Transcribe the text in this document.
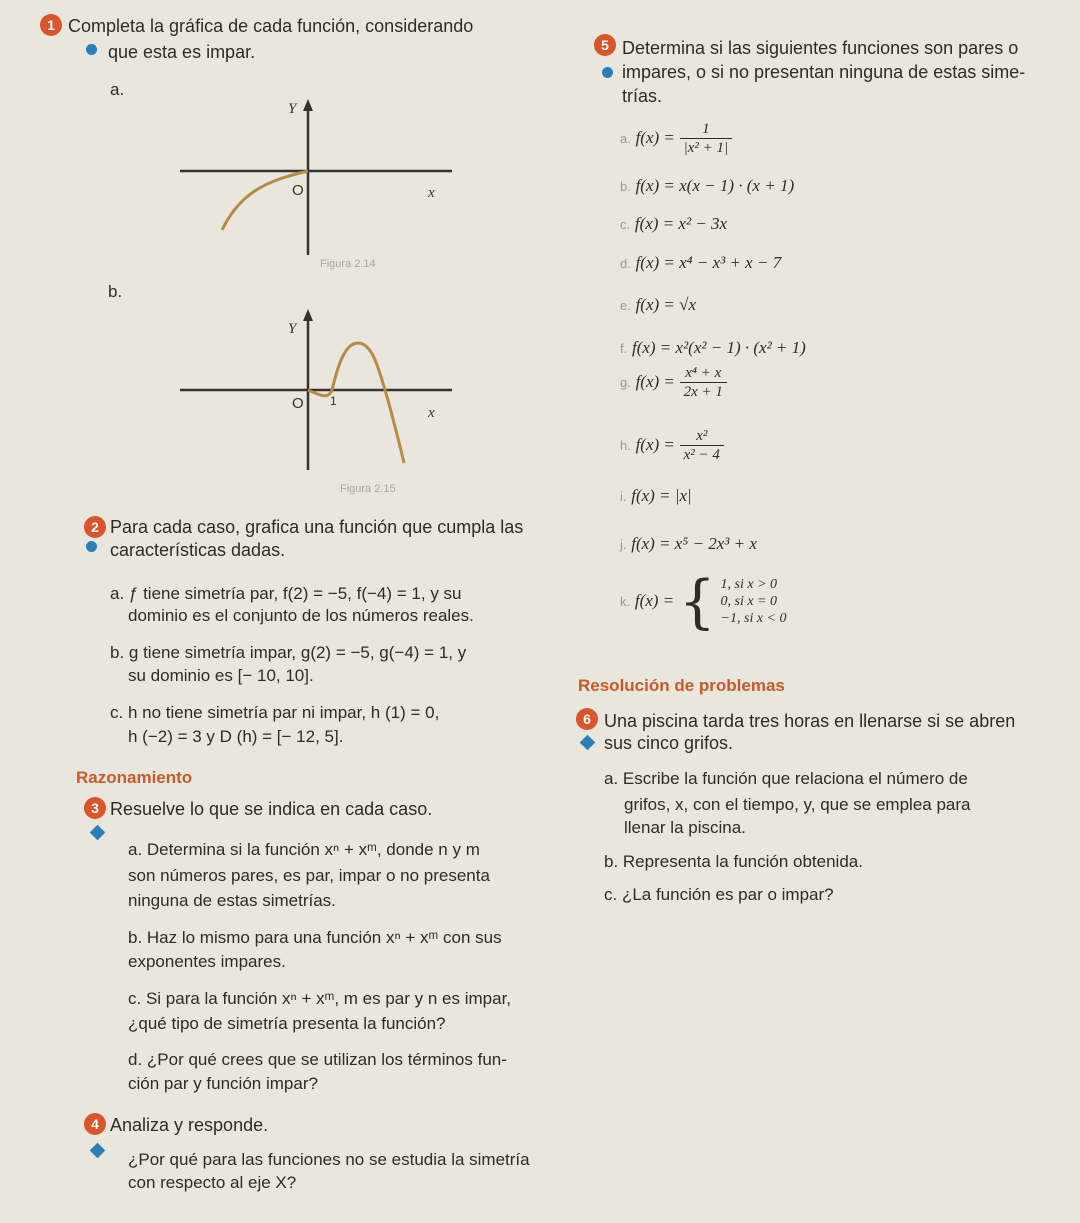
1 Completa la gráfica de cada función, considerando
que esta es impar.
a.
Y
O	x
Figura 2.14
b.
Y
O 1
x
Figura 2.15
2 Para cada caso, grafica una función que cumpla las
características dadas.
a. ƒ tiene simetría par, f(2) = −5, f(−4) = 1, y su
dominio es el conjunto de los números reales.
b. g tiene simetría impar, g(2) = −5, g(−4) = 1, y
su dominio es [− 10, 10].
c. h no tiene simetría par ni impar, h (1) = 0,
h (−2) = 3 y D (h) = [− 12, 5].
Razonamiento
3 Resuelve lo que se indica en cada caso.
a. Determina si la función xⁿ + xᵐ, donde n y m
son números pares, es par, impar o no presenta
ninguna de estas simetrías.
b. Haz lo mismo para una función xⁿ + xᵐ con sus
exponentes impares.
c. Si para la función xⁿ + xᵐ, m es par y n es impar,
¿qué tipo de simetría presenta la función?
d. ¿Por qué crees que se utilizan los términos fun-
ción par y función impar?
4 Analiza y responde.
¿Por qué para las funciones no se estudia la simetría
con respecto al eje X?
5 Determina si las siguientes funciones son pares o
impares, o si no presentan ninguna de estas sime-
trías.
a. $f(x) = \frac{1}{\text{|x² + 1|}}$
b. f(x) = x(x − 1) · (x + 1)
c. f(x) = x² − 3x
d. f(x) = x⁴ − x³ + x − 7
e. f(x) = √x
f. f(x) = x²(x² − 1) · (x² + 1)
g. $f(x) = \frac{\text{x⁴ + x}}{2x + 1}$
h. $f(x) = \frac{\text{x²}}{\text{x² − 4}}$
i. f(x) = |x|
j. f(x) = x⁵ − 2x³ + x
k. f(x) = { 1, si x > 0
0, si x = 0
−1, si x < 0
Resolución de problemas
6 Una piscina tarda tres horas en llenarse si se abren
sus cinco grifos.
a. Escribe la función que relaciona el número de
grifos, x, con el tiempo, y, que se emplea para
llenar la piscina.
b. Representa la función obtenida.
c. ¿La función es par o impar?
